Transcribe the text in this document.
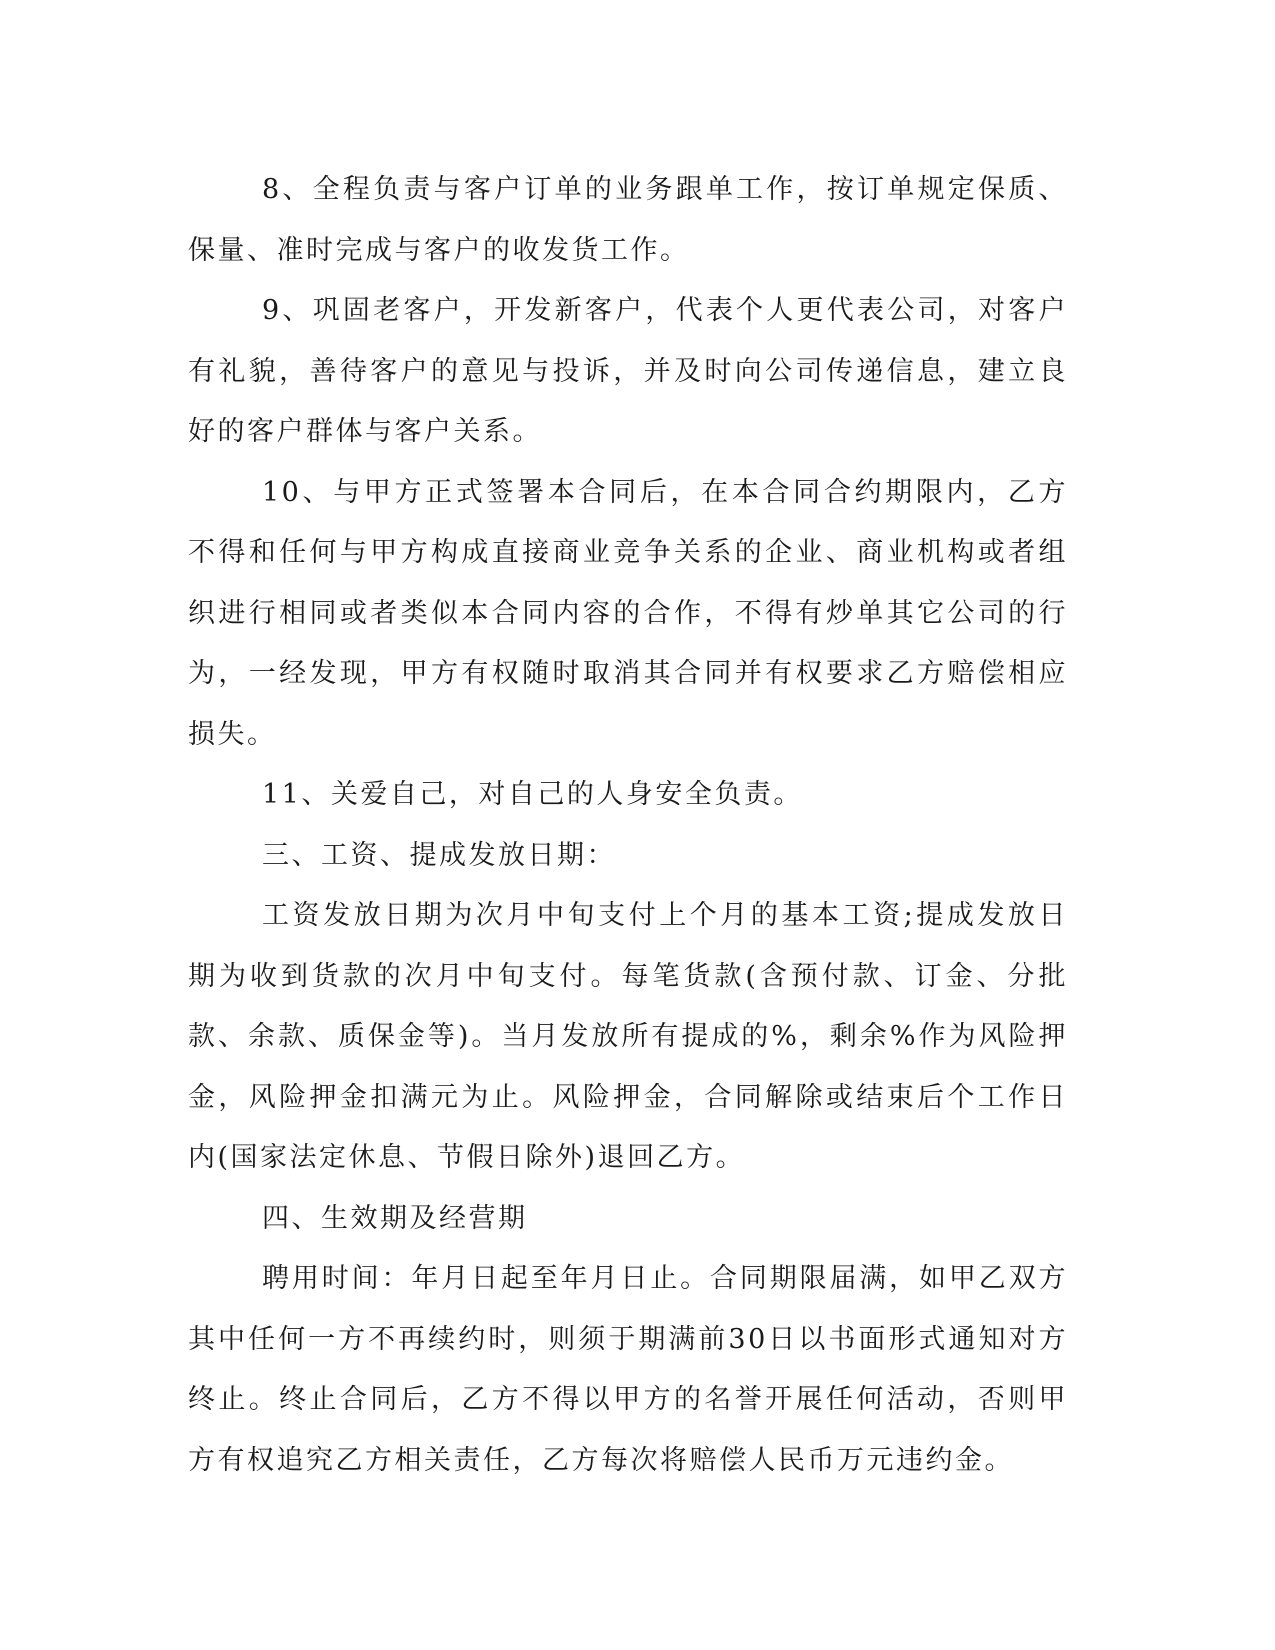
8、全程负责与客户订单的业务跟单工作，按订单规定保质、保量、准时完成与客户的收发货工作。

9、巩固老客户，开发新客户，代表个人更代表公司，对客户有礼貌，善待客户的意见与投诉，并及时向公司传递信息，建立良好的客户群体与客户关系。

10、与甲方正式签署本合同后，在本合同合约期限内，乙方不得和任何与甲方构成直接商业竞争关系的企业、商业机构或者组织进行相同或者类似本合同内容的合作，不得有炒单其它公司的行为，一经发现，甲方有权随时取消其合同并有权要求乙方赔偿相应损失。

11、关爱自己，对自己的人身安全负责。

三、工资、提成发放日期：

工资发放日期为次月中旬支付上个月的基本工资;提成发放日期为收到货款的次月中旬支付。每笔货款(含预付款、订金、分批款、余款、质保金等)。当月发放所有提成的%，剩余%作为风险押金，风险押金扣满元为止。风险押金，合同解除或结束后个工作日内(国家法定休息、节假日除外)退回乙方。

四、生效期及经营期

聘用时间：年月日起至年月日止。合同期限届满，如甲乙双方其中任何一方不再续约时，则须于期满前30日以书面形式通知对方终止。终止合同后，乙方不得以甲方的名誉开展任何活动，否则甲方有权追究乙方相关责任，乙方每次将赔偿人民币万元违约金。
